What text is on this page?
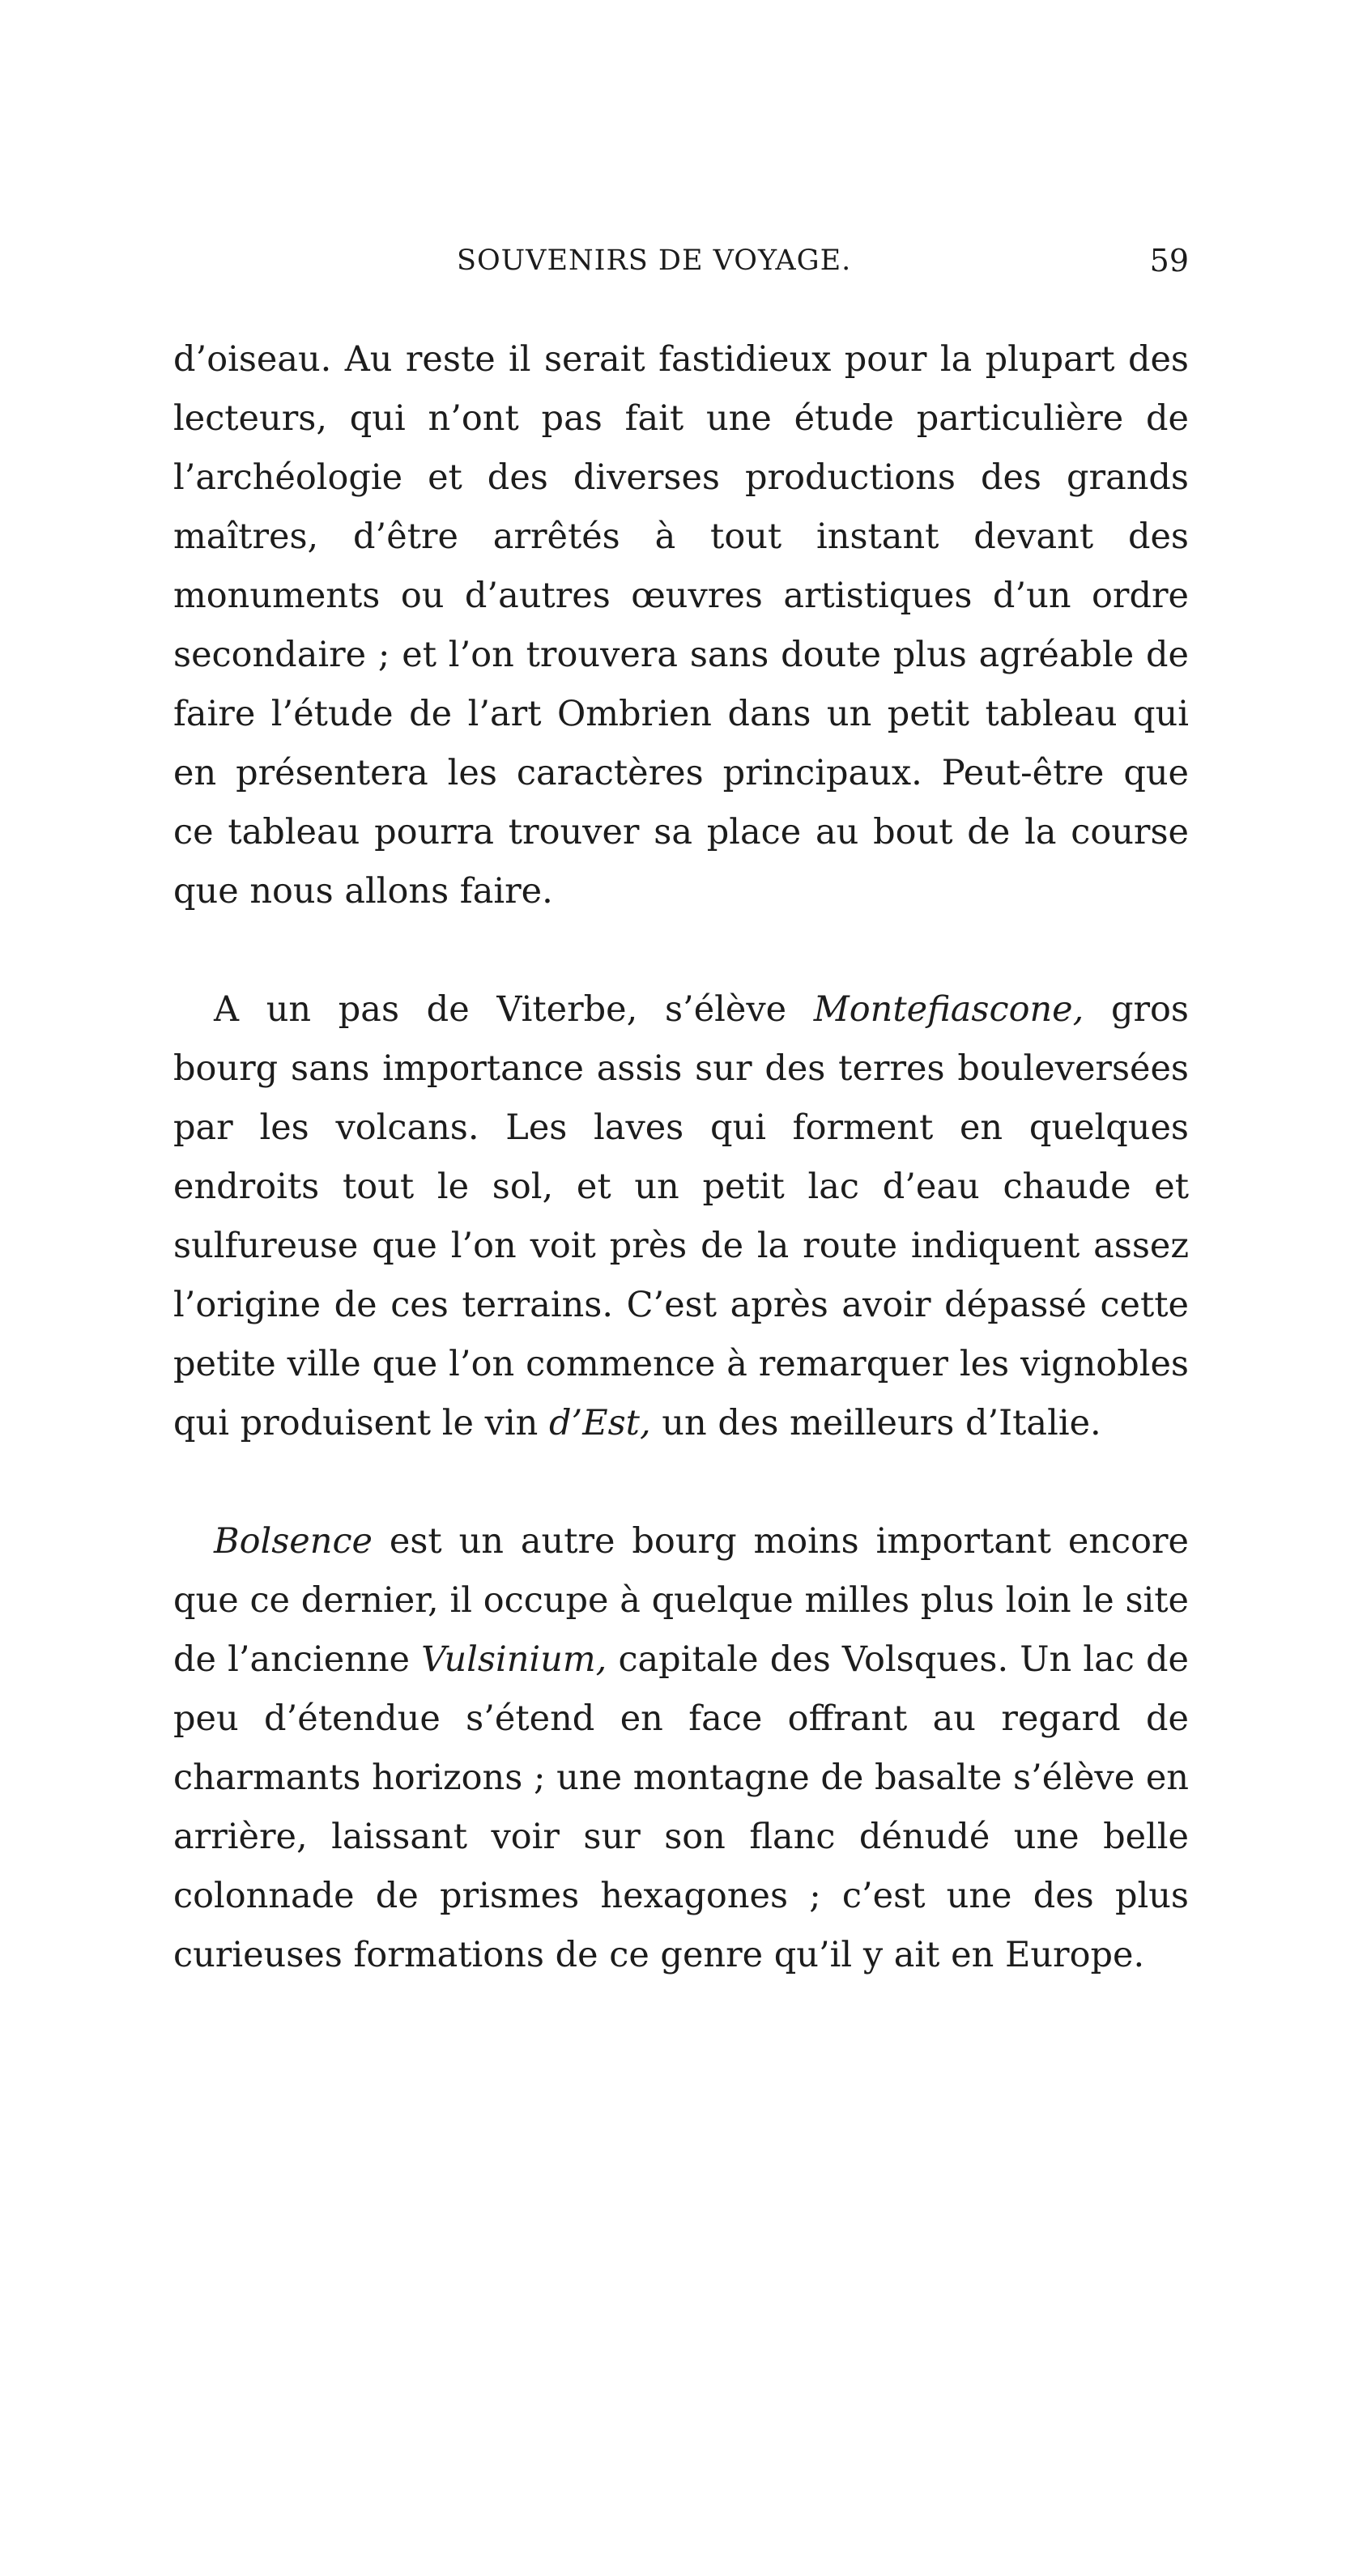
SOUVENIRS DE VOYAGE.	59

d’oiseau. Au reste il serait fastidieux pour la plupart des lecteurs, qui n’ont pas fait une étude particulière de l’archéologie et des diverses productions des grands maîtres, d’être arrêtés à tout instant devant des monuments ou d’autres œuvres artistiques d’un ordre secondaire ; et l’on trouvera sans doute plus agréable de faire l’étude de l’art Ombrien dans un petit tableau qui en présentera les caractères principaux. Peut-être que ce tableau pourra trouver sa place au bout de la course que nous allons faire.

A un pas de Viterbe, s’élève Montefiascone, gros bourg sans importance assis sur des terres bouleversées par les volcans. Les laves qui forment en quelques endroits tout le sol, et un petit lac d’eau chaude et sulfureuse que l’on voit près de la route indiquent assez l’origine de ces terrains. C’est après avoir dépassé cette petite ville que l’on commence à remarquer les vignobles qui produisent le vin d’Est, un des meilleurs d’Italie.

Bolsence est un autre bourg moins important encore que ce dernier, il occupe à quelque milles plus loin le site de l’ancienne Vulsinium, capitale des Volsques. Un lac de peu d’étendue s’étend en face offrant au regard de charmants horizons ; une montagne de basalte s’élève en arrière, laissant voir sur son flanc dénudé une belle colonnade de prismes hexagones ; c’est une des plus curieuses formations de ce genre qu’il y ait en Europe.
